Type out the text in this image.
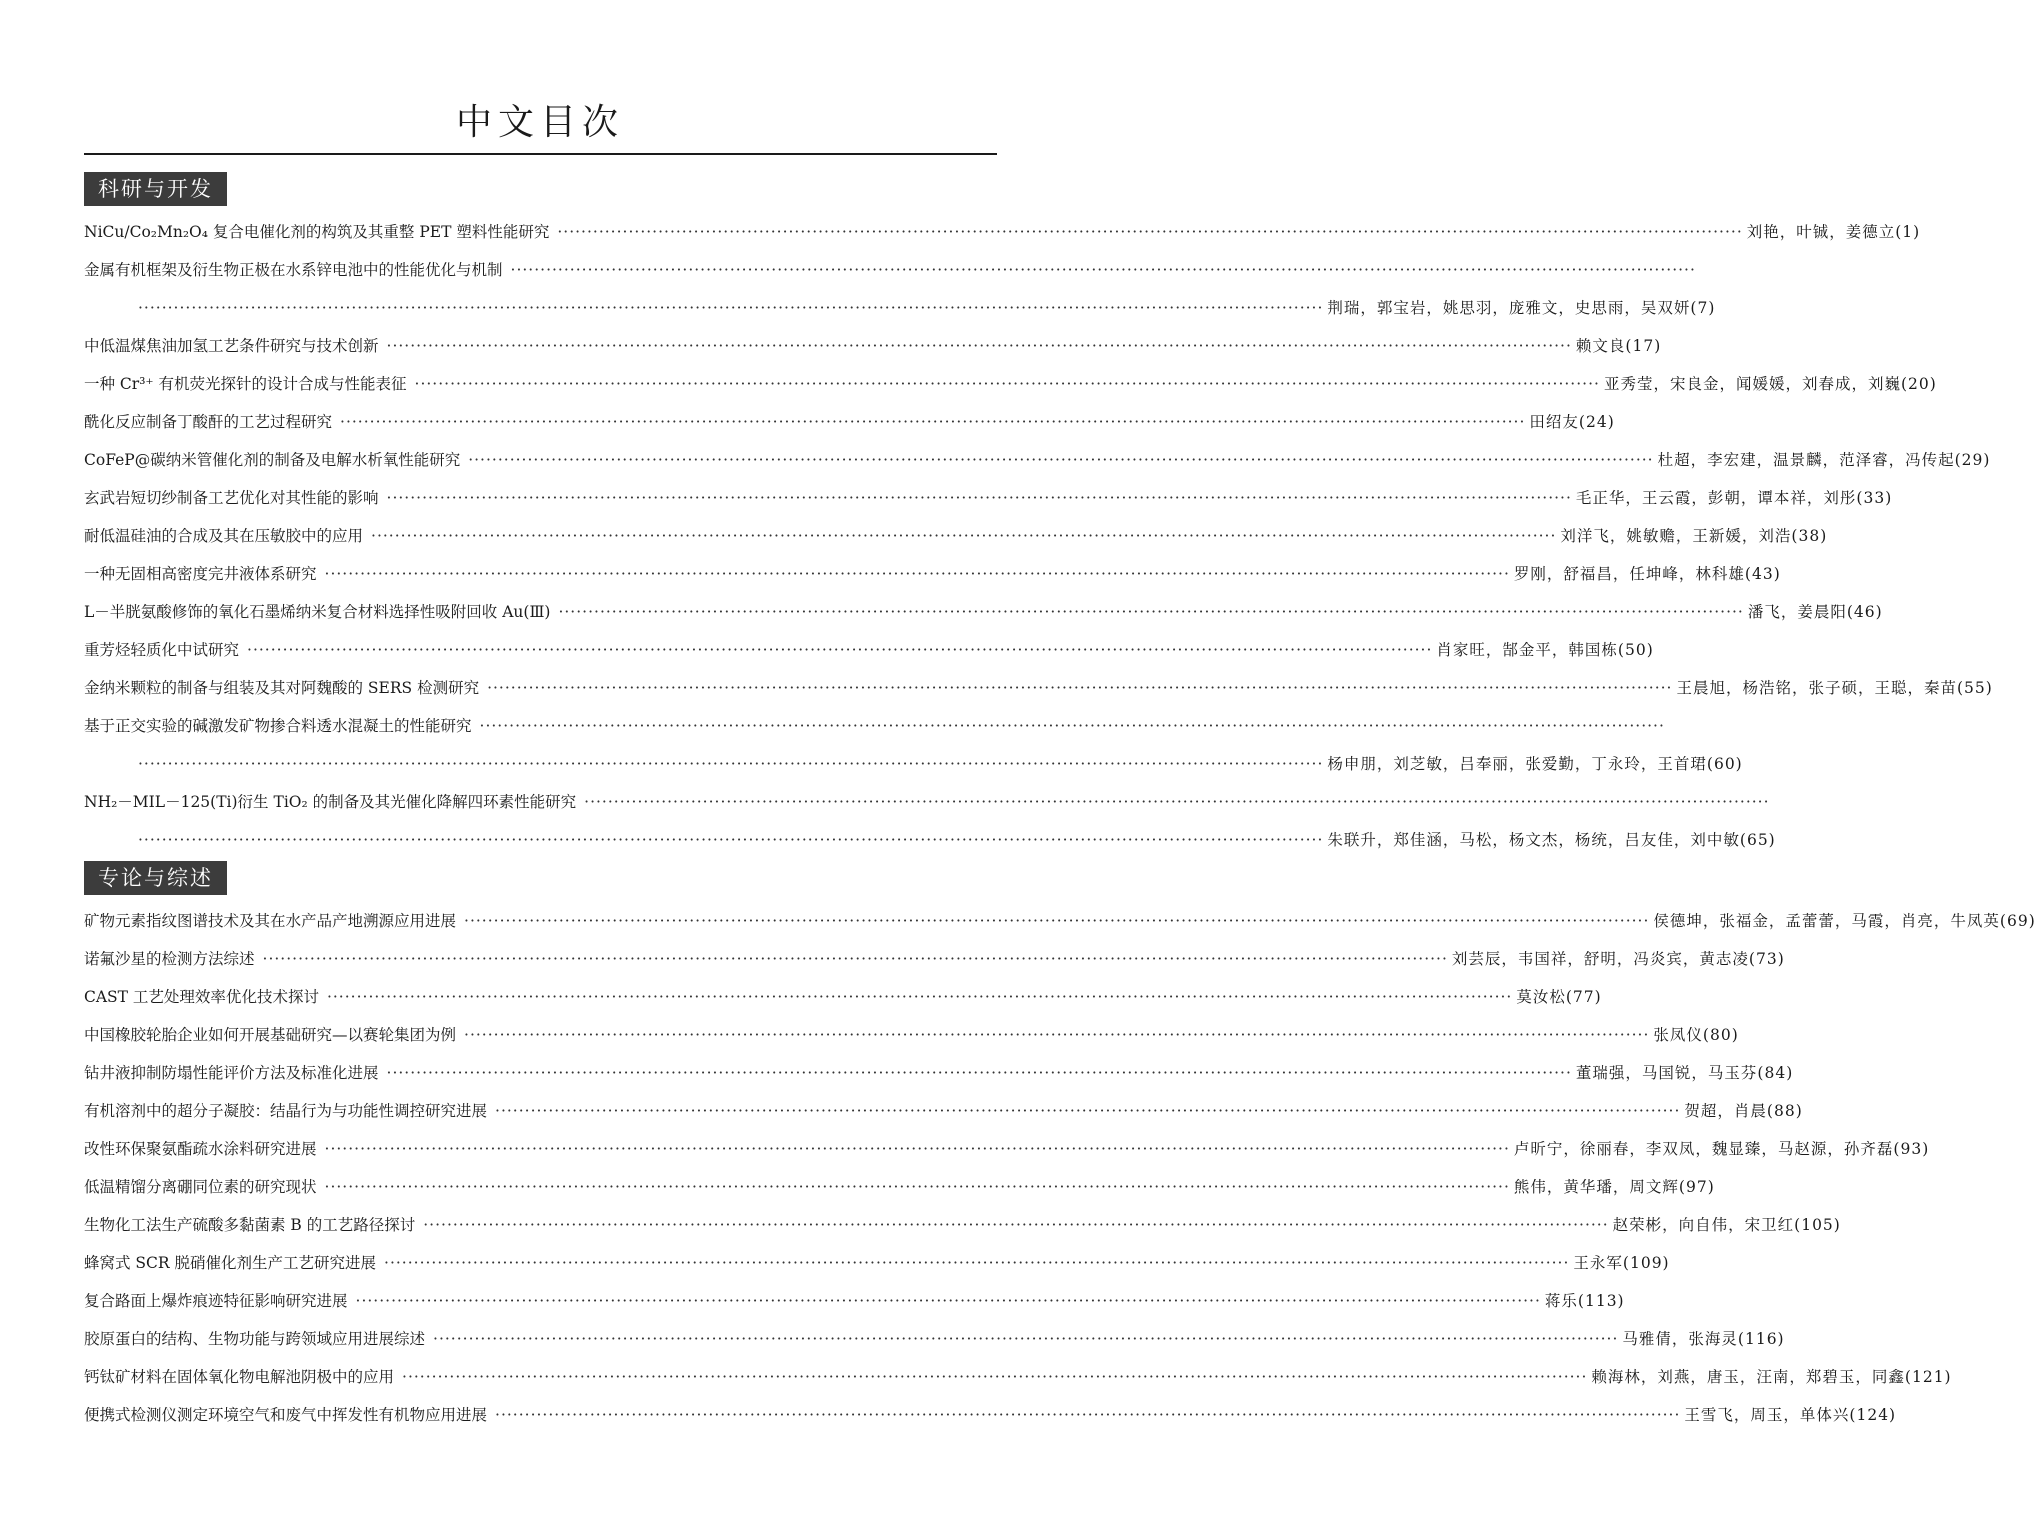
中文目次
科研与开发
NiCu/Co₂Mn₂O₄ 复合电催化剂的构筑及其重整 PET 塑料性能研究 ········································································································································································································ 刘艳，叶铖，姜德立(1)
金属有机框架及衍生物正极在水系锌电池中的性能优化与机制 ········································································································································································································
········································································································································································································ 荆瑞，郭宝岩，姚思羽，庞雅文，史思雨，吴双妍(7)
中低温煤焦油加氢工艺条件研究与技术创新 ········································································································································································································ 赖文良(17)
一种 Cr³⁺ 有机荧光探针的设计合成与性能表征 ········································································································································································································ 亚秀莹，宋良金，闻媛媛，刘春成，刘巍(20)
酰化反应制备丁酸酐的工艺过程研究 ········································································································································································································ 田绍友(24)
CoFeP@碳纳米管催化剂的制备及电解水析氧性能研究 ········································································································································································································ 杜超，李宏建，温景麟，范泽睿，冯传起(29)
玄武岩短切纱制备工艺优化对其性能的影响 ········································································································································································································ 毛正华，王云霞，彭朝，谭本祥，刘彤(33)
耐低温硅油的合成及其在压敏胶中的应用 ········································································································································································································ 刘洋飞，姚敏赡，王新媛，刘浩(38)
一种无固相高密度完井液体系研究 ········································································································································································································ 罗刚，舒福昌，任坤峰，林科雄(43)
L－半胱氨酸修饰的氧化石墨烯纳米复合材料选择性吸附回收 Au(Ⅲ) ········································································································································································································ 潘飞，姜晨阳(46)
重芳烃轻质化中试研究 ········································································································································································································ 肖家旺，郜金平，韩国栋(50)
金纳米颗粒的制备与组装及其对阿魏酸的 SERS 检测研究 ········································································································································································································ 王晨旭，杨浩铭，张子硕，王聪，秦苗(55)
基于正交实验的碱激发矿物掺合料透水混凝土的性能研究 ········································································································································································································
········································································································································································································ 杨申朋，刘芝敏，吕奉丽，张爱勤，丁永玲，王首珺(60)
NH₂－MIL－125(Ti)衍生 TiO₂ 的制备及其光催化降解四环素性能研究 ········································································································································································································
········································································································································································································ 朱联升，郑佳涵，马松，杨文杰，杨统，吕友佳，刘中敏(65)
专论与综述
矿物元素指纹图谱技术及其在水产品产地溯源应用进展 ········································································································································································································ 侯德坤，张福金，孟蕾蕾，马霞，肖亮，牛凤英(69)
诺氟沙星的检测方法综述 ········································································································································································································ 刘芸辰，韦国祥，舒明，冯炎宾，黄志凌(73)
CAST 工艺处理效率优化技术探讨 ········································································································································································································ 莫汝松(77)
中国橡胶轮胎企业如何开展基础研究—以赛轮集团为例 ········································································································································································································ 张凤仪(80)
钻井液抑制防塌性能评价方法及标准化进展 ········································································································································································································ 董瑞强，马国锐，马玉芬(84)
有机溶剂中的超分子凝胶：结晶行为与功能性调控研究进展 ········································································································································································································ 贺超，肖晨(88)
改性环保聚氨酯疏水涂料研究进展 ········································································································································································································ 卢昕宁，徐丽春，李双凤，魏显臻，马赵源，孙齐磊(93)
低温精馏分离硼同位素的研究现状 ········································································································································································································ 熊伟，黄华璠，周文辉(97)
生物化工法生产硫酸多黏菌素 B 的工艺路径探讨 ········································································································································································································ 赵荣彬，向自伟，宋卫红(105)
蜂窝式 SCR 脱硝催化剂生产工艺研究进展 ········································································································································································································ 王永军(109)
复合路面上爆炸痕迹特征影响研究进展 ········································································································································································································ 蒋乐(113)
胶原蛋白的结构、生物功能与跨领域应用进展综述 ········································································································································································································ 马雅倩，张海灵(116)
钙钛矿材料在固体氧化物电解池阴极中的应用 ········································································································································································································ 赖海林，刘燕，唐玉，汪南，郑碧玉，同鑫(121)
便携式检测仪测定环境空气和废气中挥发性有机物应用进展 ········································································································································································································ 王雪飞，周玉，单体兴(124)
